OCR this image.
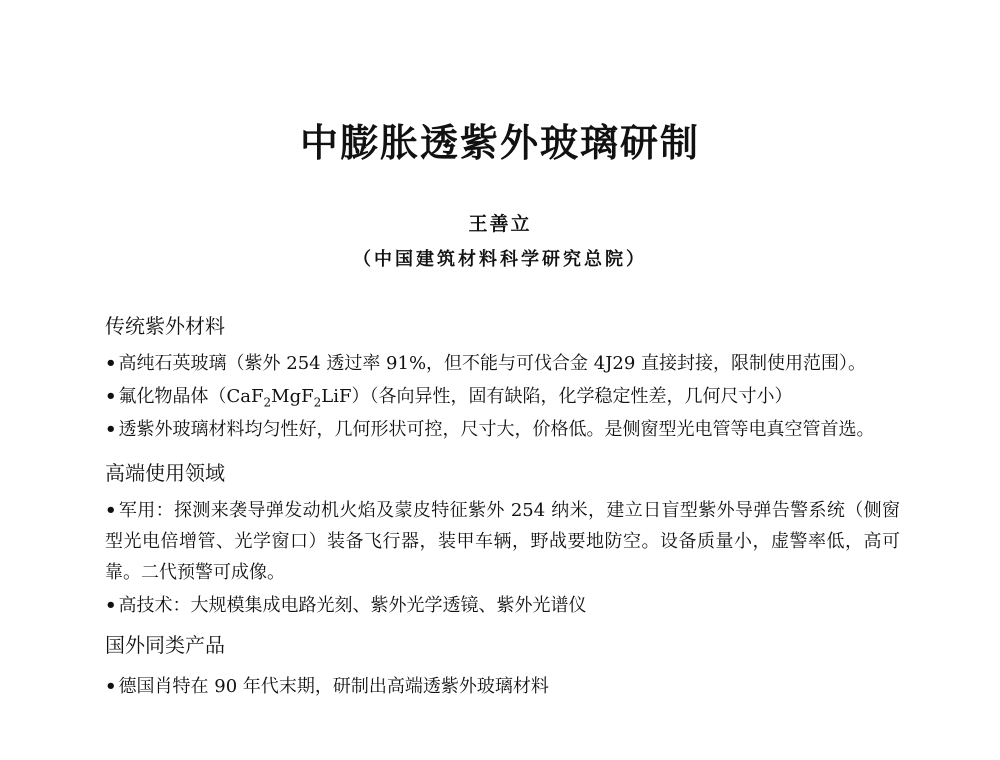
中膨胀透紫外玻璃研制
王善立
（中国建筑材料科学研究总院）
传统紫外材料
• 高纯石英玻璃（紫外 254 透过率 91%，但不能与可伐合金 4J29 直接封接，限制使用范围）。
• 氟化物晶体（CaF$_2$MgF$_2$LiF）（各向异性，固有缺陷，化学稳定性差，几何尺寸小）
• 透紫外玻璃材料均匀性好，几何形状可控，尺寸大，价格低。是侧窗型光电管等电真空管首选。
高端使用领域
• 军用：探测来袭导弹发动机火焰及蒙皮特征紫外 254 纳米，建立日盲型紫外导弹告警系统（侧窗型光电倍增管、光学窗口）装备飞行器，装甲车辆，野战要地防空。设备质量小，虚警率低，高可靠。二代预警可成像。
• 高技术：大规模集成电路光刻、紫外光学透镜、紫外光谱仪
国外同类产品
• 德国肖特在 90 年代末期，研制出高端透紫外玻璃材料
